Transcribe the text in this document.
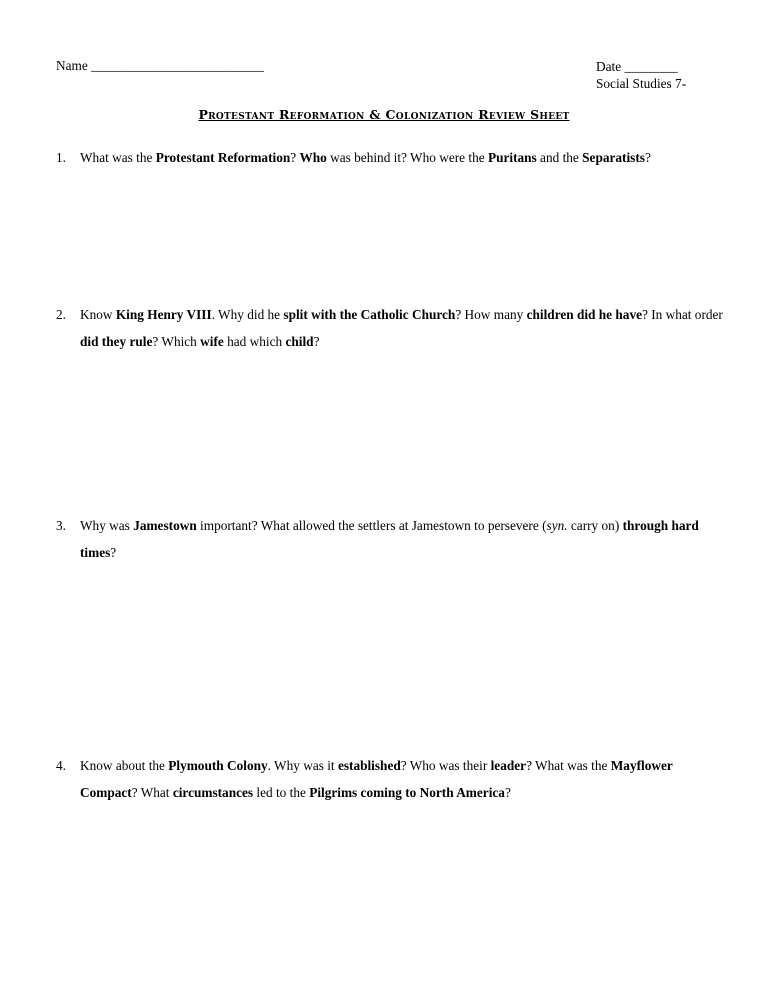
Name __________________________	Date ________
Social Studies 7-
Protestant Reformation & Colonization Review Sheet
1. What was the Protestant Reformation? Who was behind it? Who were the Puritans and the Separatists?
2. Know King Henry VIII. Why did he split with the Catholic Church? How many children did he have? In what order did they rule? Which wife had which child?
3. Why was Jamestown important? What allowed the settlers at Jamestown to persevere (syn. carry on) through hard times?
4. Know about the Plymouth Colony. Why was it established? Who was their leader? What was the Mayflower Compact? What circumstances led to the Pilgrims coming to North America?
